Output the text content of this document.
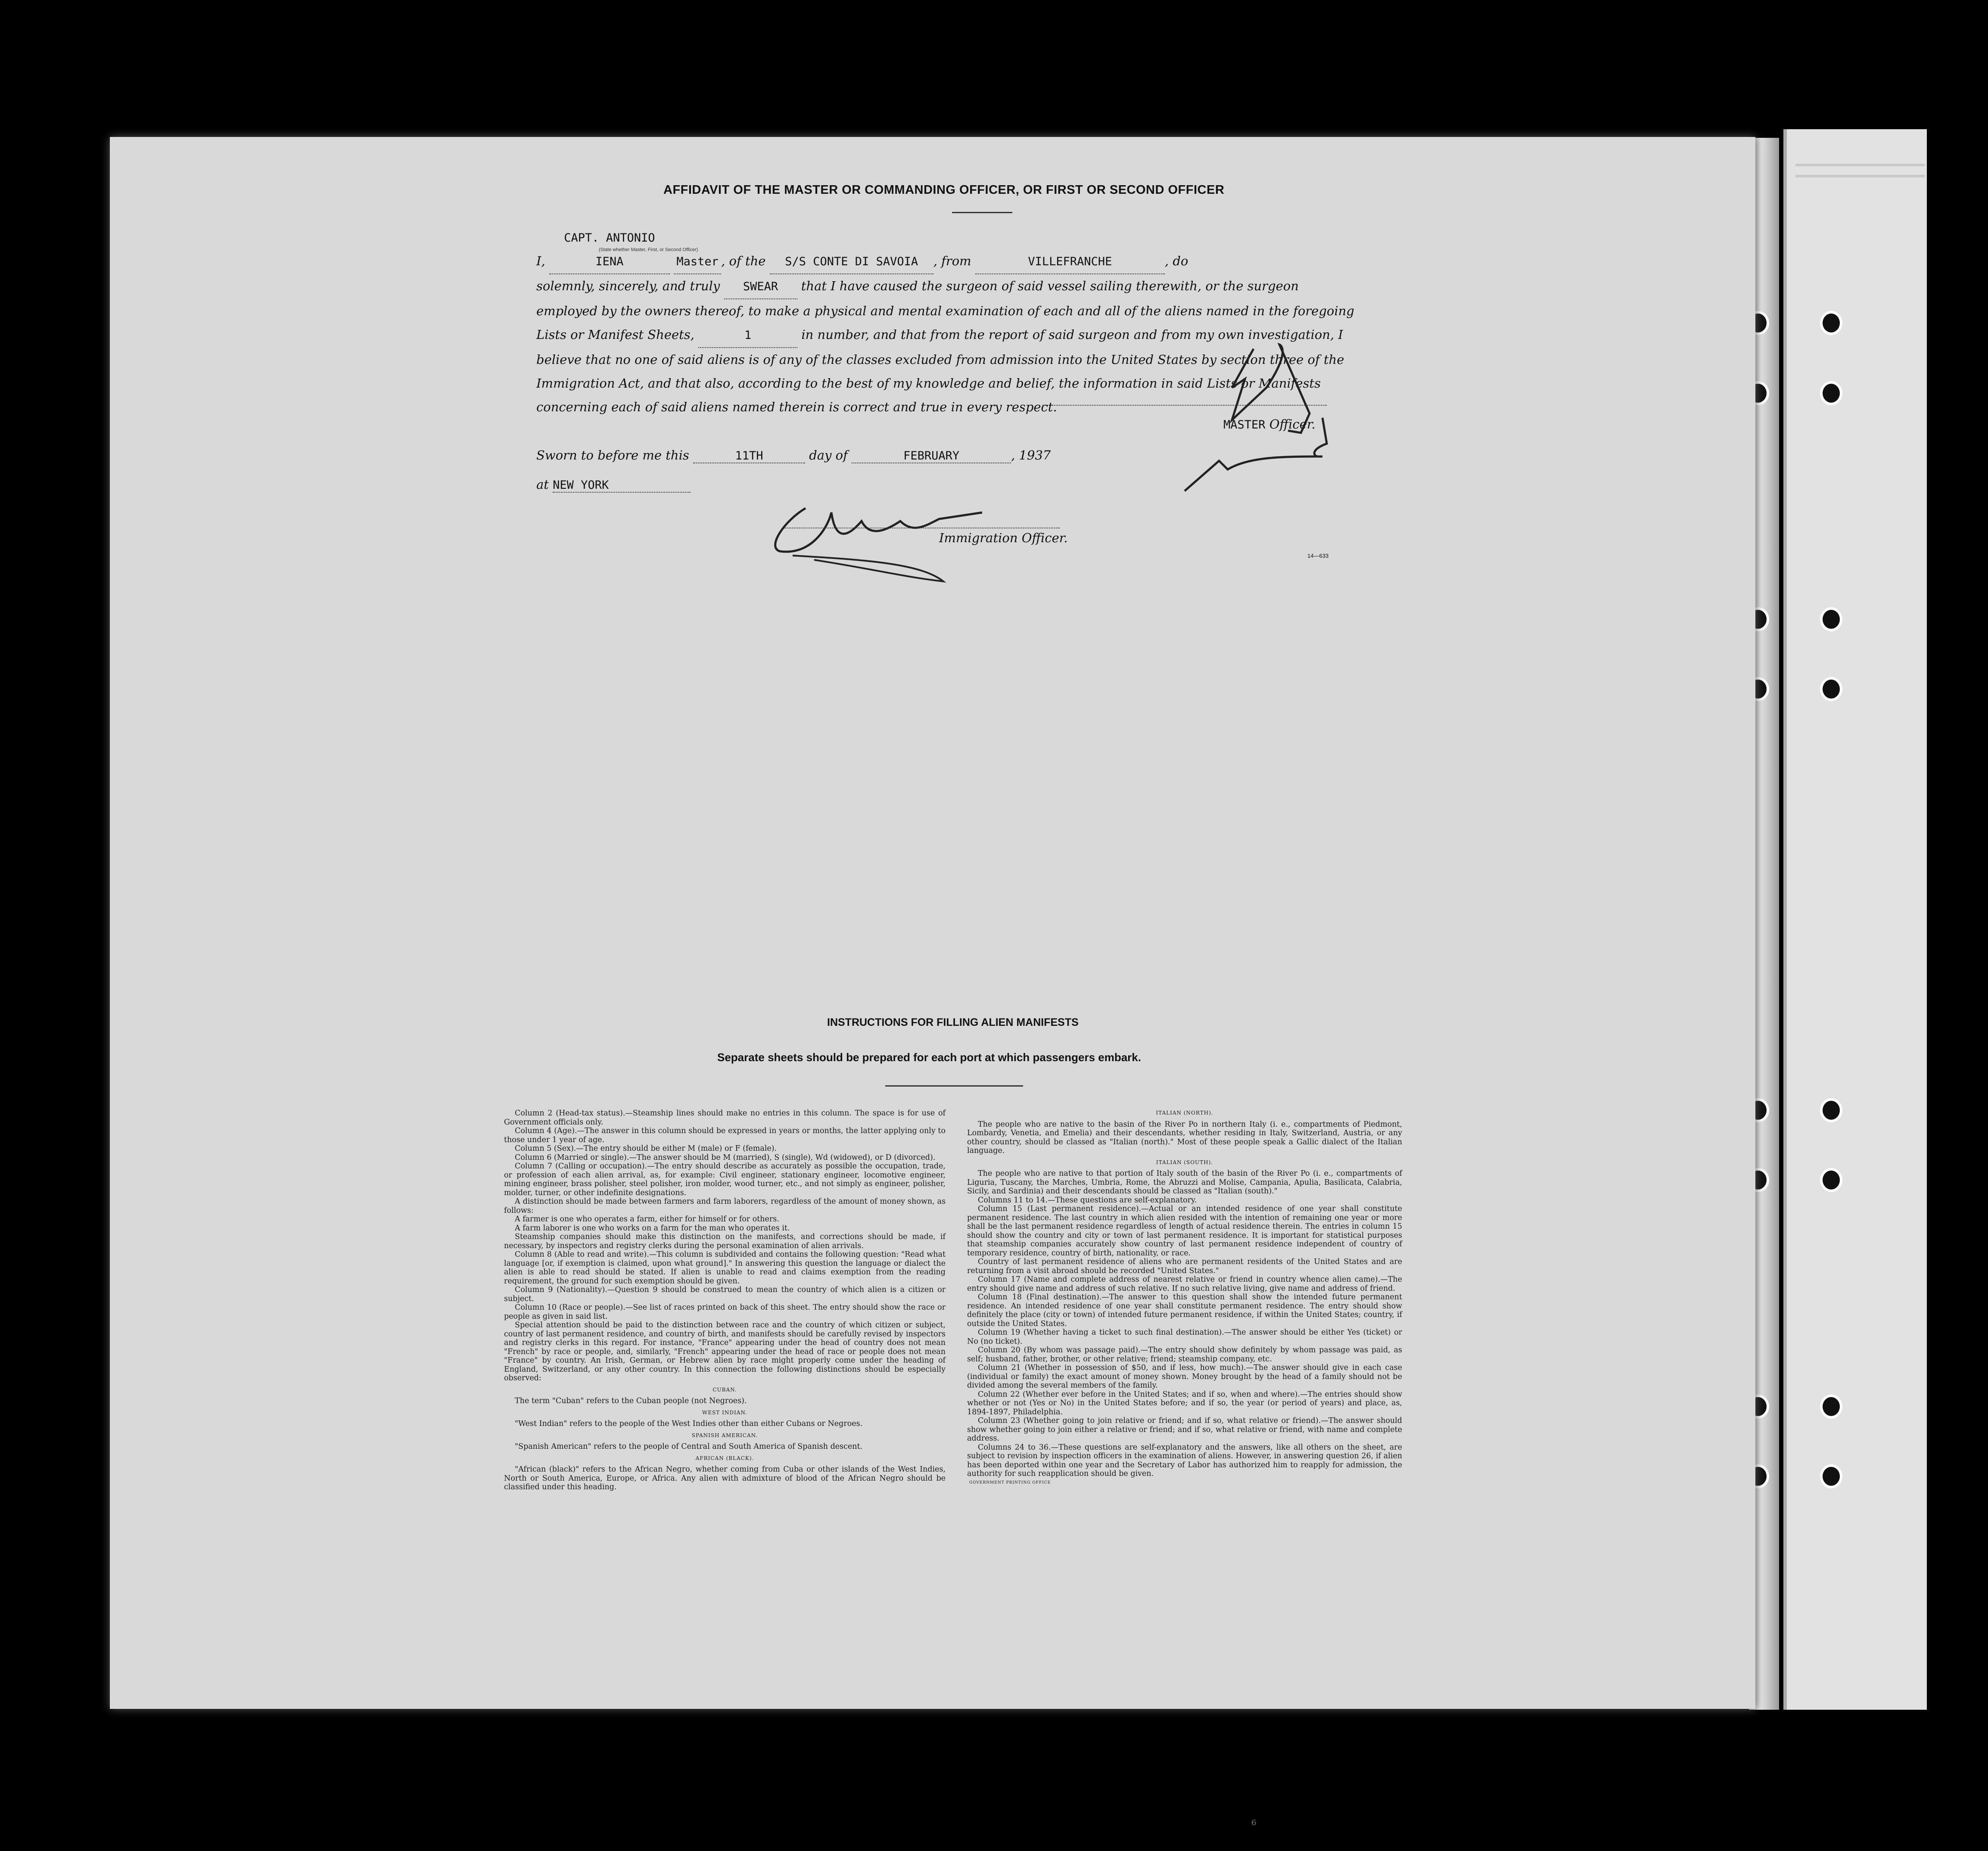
AFFIDAVIT OF THE MASTER OR COMMANDING OFFICER, OR FIRST OR SECOND OFFICER
I, CAPT. ANTONIO IENA	Master , of the S/S CONTE DI SAVOIA , from	VILLEFRANCHE	, do
solemnly, sincerely, and truly SWEAR that I have caused the surgeon of said vessel sailing therewith, or the surgeon employed by the owners thereof, to make a physical and mental examination of each and all of the aliens named in the foregoing Lists or Manifest Sheets,	1	in number, and that from the report of said surgeon and from my own investigation, I believe that no one of said aliens is of any of the classes excluded from admission into the United States by section three of the Immigration Act, and that also, according to the best of my knowledge and belief, the information in said Lists or Manifests concerning each of said aliens named therein is correct and true in every respect.
(State whether Master, First, or Second Officer)
MASTER Officer.
Sworn to before me this	11TH	day of	FEBRUARY	, 1937
at NEW YORK
Immigration Officer.
14—633
INSTRUCTIONS FOR FILLING ALIEN MANIFESTS
Separate sheets should be prepared for each port at which passengers embark.

Column 2 (Head-tax status).—Steamship lines should make no entries in this column. The space is for use of Government officials only.

Column 4 (Age).—The answer in this column should be expressed in years or months, the latter applying only to those under 1 year of age.

Column 5 (Sex).—The entry should be either M (male) or F (female).

Column 6 (Married or single).—The answer should be M (married), S (single), Wd (widowed), or D (divorced).

Column 7 (Calling or occupation).—The entry should describe as accurately as possible the occupation, trade, or profession of each alien arrival, as, for example: Civil engineer, stationary engineer, locomotive engineer, mining engineer, brass polisher, steel polisher, iron molder, wood turner, etc., and not simply as engineer, polisher, molder, turner, or other indefinite designations.

A distinction should be made between farmers and farm laborers, regardless of the amount of money shown, as follows:

A farmer is one who operates a farm, either for himself or for others.

A farm laborer is one who works on a farm for the man who operates it.

Steamship companies should make this distinction on the manifests, and corrections should be made, if necessary, by inspectors and registry clerks during the personal examination of alien arrivals.

Column 8 (Able to read and write).—This column is subdivided and contains the following question: "Read what language [or, if exemption is claimed, upon what ground]." In answering this question the language or dialect the alien is able to read should be stated. If alien is unable to read and claims exemption from the reading requirement, the ground for such exemption should be given.

Column 9 (Nationality).—Question 9 should be construed to mean the country of which alien is a citizen or subject.

Column 10 (Race or people).—See list of races printed on back of this sheet. The entry should show the race or people as given in said list.

Special attention should be paid to the distinction between race and the country of which citizen or subject, country of last permanent residence, and country of birth, and manifests should be carefully revised by inspectors and registry clerks in this regard. For instance, "France" appearing under the head of country does not mean "French" by race or people, and, similarly, "French" appearing under the head of race or people does not mean "France" by country. An Irish, German, or Hebrew alien by race might properly come under the heading of England, Switzerland, or any other country. In this connection the following distinctions should be especially observed:

CUBAN.

The term "Cuban" refers to the Cuban people (not Negroes).

WEST INDIAN.

"West Indian" refers to the people of the West Indies other than either Cubans or Negroes.

SPANISH AMERICAN.

"Spanish American" refers to the people of Central and South America of Spanish descent.

AFRICAN (BLACK).

"African (black)" refers to the African Negro, whether coming from Cuba or other islands of the West Indies, North or South America, Europe, or Africa. Any alien with admixture of blood of the African Negro should be classified under this heading.

ITALIAN (NORTH).

The people who are native to the basin of the River Po in northern Italy (i. e., compartments of Piedmont, Lombardy, Venetia, and Emelia) and their descendants, whether residing in Italy, Switzerland, Austria, or any other country, should be classed as "Italian (north)." Most of these people speak a Gallic dialect of the Italian language.

ITALIAN (SOUTH).

The people who are native to that portion of Italy south of the basin of the River Po (i. e., compartments of Liguria, Tuscany, the Marches, Umbria, Rome, the Abruzzi and Molise, Campania, Apulia, Basilicata, Calabria, Sicily, and Sardinia) and their descendants should be classed as "Italian (south)."

Columns 11 to 14.—These questions are self-explanatory.

Column 15 (Last permanent residence).—Actual or an intended residence of one year shall constitute permanent residence. The last country in which alien resided with the intention of remaining one year or more shall be the last permanent residence regardless of length of actual residence therein. The entries in column 15 should show the country and city or town of last permanent residence. It is important for statistical purposes that steamship companies accurately show country of last permanent residence independent of country of temporary residence, country of birth, nationality, or race.

Country of last permanent residence of aliens who are permanent residents of the United States and are returning from a visit abroad should be recorded "United States."

Column 17 (Name and complete address of nearest relative or friend in country whence alien came).—The entry should give name and address of such relative. If no such relative living, give name and address of friend.

Column 18 (Final destination).—The answer to this question shall show the intended future permanent residence. An intended residence of one year shall constitute permanent residence. The entry should show definitely the place (city or town) of intended future permanent residence, if within the United States; country, if outside the United States.

Column 19 (Whether having a ticket to such final destination).—The answer should be either Yes (ticket) or No (no ticket).

Column 20 (By whom was passage paid).—The entry should show definitely by whom passage was paid, as self; husband, father, brother, or other relative; friend; steamship company, etc.

Column 21 (Whether in possession of $50, and if less, how much).—The answer should give in each case (individual or family) the exact amount of money shown. Money brought by the head of a family should not be divided among the several members of the family.

Column 22 (Whether ever before in the United States; and if so, when and where).—The entries should show whether or not (Yes or No) in the United States before; and if so, the year (or period of years) and place, as, 1894-1897, Philadelphia.

Column 23 (Whether going to join relative or friend; and if so, what relative or friend).—The answer should show whether going to join either a relative or friend; and if so, what relative or friend, with name and complete address.

Columns 24 to 36.—These questions are self-explanatory and the answers, like all others on the sheet, are subject to revision by inspection officers in the examination of aliens. However, in answering question 26, if alien has been deported within one year and the Secretary of Labor has authorized him to reapply for admission, the authority for such reapplication should be given.

GOVERNMENT PRINTING OFFICE

6
